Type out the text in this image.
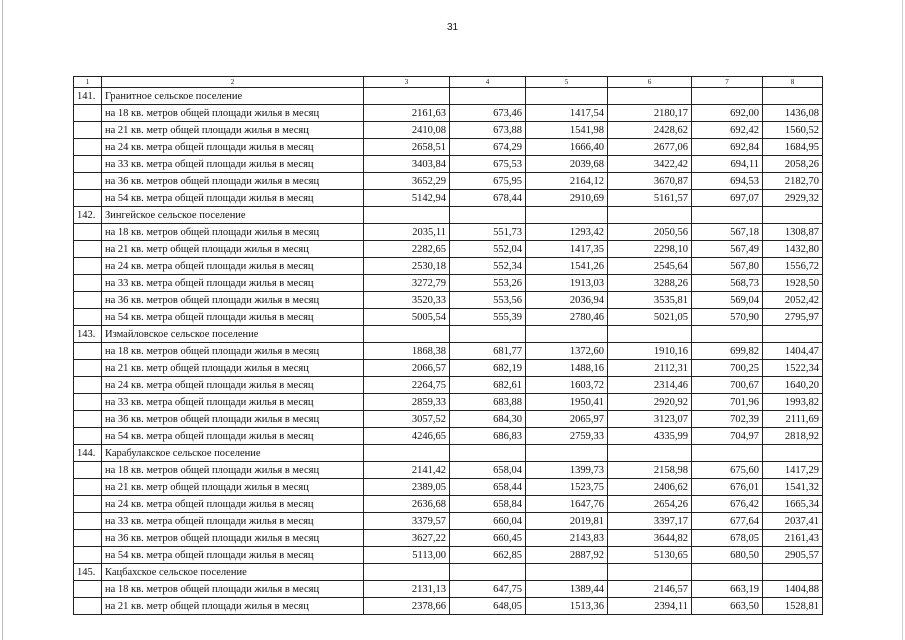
31
1	2	3	4	5	6	7	8
141.	Гранитное сельское поселение						
	на 18 кв. метров общей площади жилья в месяц	2161,63	673,46	1417,54	2180,17	692,00	1436,08
	на 21 кв. метр общей площади жилья в месяц	2410,08	673,88	1541,98	2428,62	692,42	1560,52
	на 24 кв. метра общей площади жилья в месяц	2658,51	674,29	1666,40	2677,06	692,84	1684,95
	на 33 кв. метра общей площади жилья в месяц	3403,84	675,53	2039,68	3422,42	694,11	2058,26
	на 36 кв. метров общей площади жилья в месяц	3652,29	675,95	2164,12	3670,87	694,53	2182,70
	на 54 кв. метра общей площади жилья в месяц	5142,94	678,44	2910,69	5161,57	697,07	2929,32
142.	Зингейское сельское поселение						
	на 18 кв. метров общей площади жилья в месяц	2035,11	551,73	1293,42	2050,56	567,18	1308,87
	на 21 кв. метр общей площади жилья в месяц	2282,65	552,04	1417,35	2298,10	567,49	1432,80
	на 24 кв. метра общей площади жилья в месяц	2530,18	552,34	1541,26	2545,64	567,80	1556,72
	на 33 кв. метра общей площади жилья в месяц	3272,79	553,26	1913,03	3288,26	568,73	1928,50
	на 36 кв. метров общей площади жилья в месяц	3520,33	553,56	2036,94	3535,81	569,04	2052,42
	на 54 кв. метра общей площади жилья в месяц	5005,54	555,39	2780,46	5021,05	570,90	2795,97
143.	Измайловское сельское поселение						
	на 18 кв. метров общей площади жилья в месяц	1868,38	681,77	1372,60	1910,16	699,82	1404,47
	на 21 кв. метр общей площади жилья в месяц	2066,57	682,19	1488,16	2112,31	700,25	1522,34
	на 24 кв. метра общей площади жилья в месяц	2264,75	682,61	1603,72	2314,46	700,67	1640,20
	на 33 кв. метра общей площади жилья в месяц	2859,33	683,88	1950,41	2920,92	701,96	1993,82
	на 36 кв. метров общей площади жилья в месяц	3057,52	684,30	2065,97	3123,07	702,39	2111,69
	на 54 кв. метра общей площади жилья в месяц	4246,65	686,83	2759,33	4335,99	704,97	2818,92
144.	Карабулакское сельское поселение						
	на 18 кв. метров общей площади жилья в месяц	2141,42	658,04	1399,73	2158,98	675,60	1417,29
	на 21 кв. метр общей площади жилья в месяц	2389,05	658,44	1523,75	2406,62	676,01	1541,32
	на 24 кв. метра общей площади жилья в месяц	2636,68	658,84	1647,76	2654,26	676,42	1665,34
	на 33 кв. метра общей площади жилья в месяц	3379,57	660,04	2019,81	3397,17	677,64	2037,41
	на 36 кв. метров общей площади жилья в месяц	3627,22	660,45	2143,83	3644,82	678,05	2161,43
	на 54 кв. метра общей площади жилья в месяц	5113,00	662,85	2887,92	5130,65	680,50	2905,57
145.	Кацбахское сельское поселение						
	на 18 кв. метров общей площади жилья в месяц	2131,13	647,75	1389,44	2146,57	663,19	1404,88
	на 21 кв. метр общей площади жилья в месяц	2378,66	648,05	1513,36	2394,11	663,50	1528,81
